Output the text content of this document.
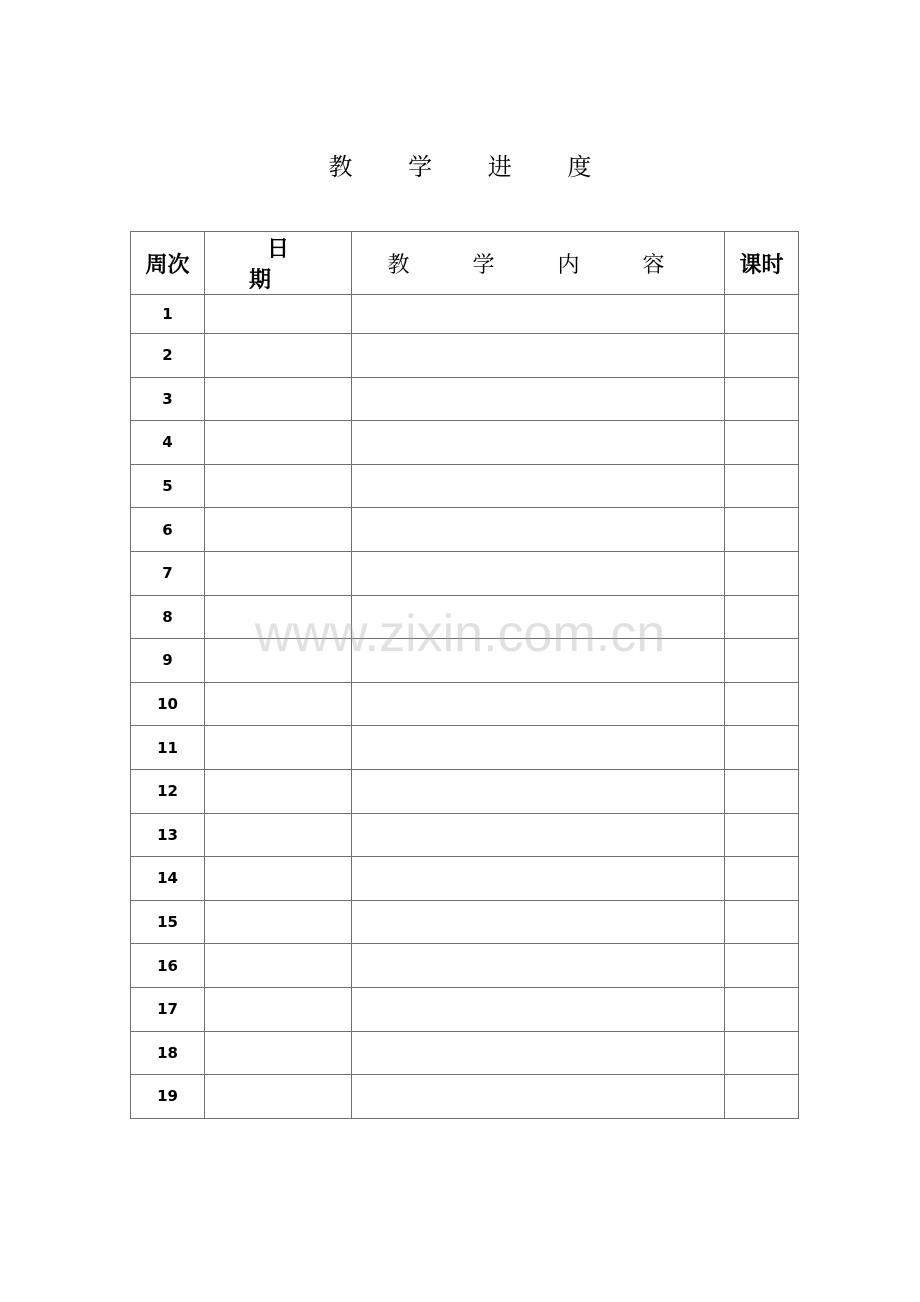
教 学 进 度
周次	日期	教 学 内 容	课时
1			
2			
3			
4			
5			
6			
7			
8			
9			
10			
11			
12			
13			
14			
15			
16			
17			
18			
19			
www.zixin.com.cn
